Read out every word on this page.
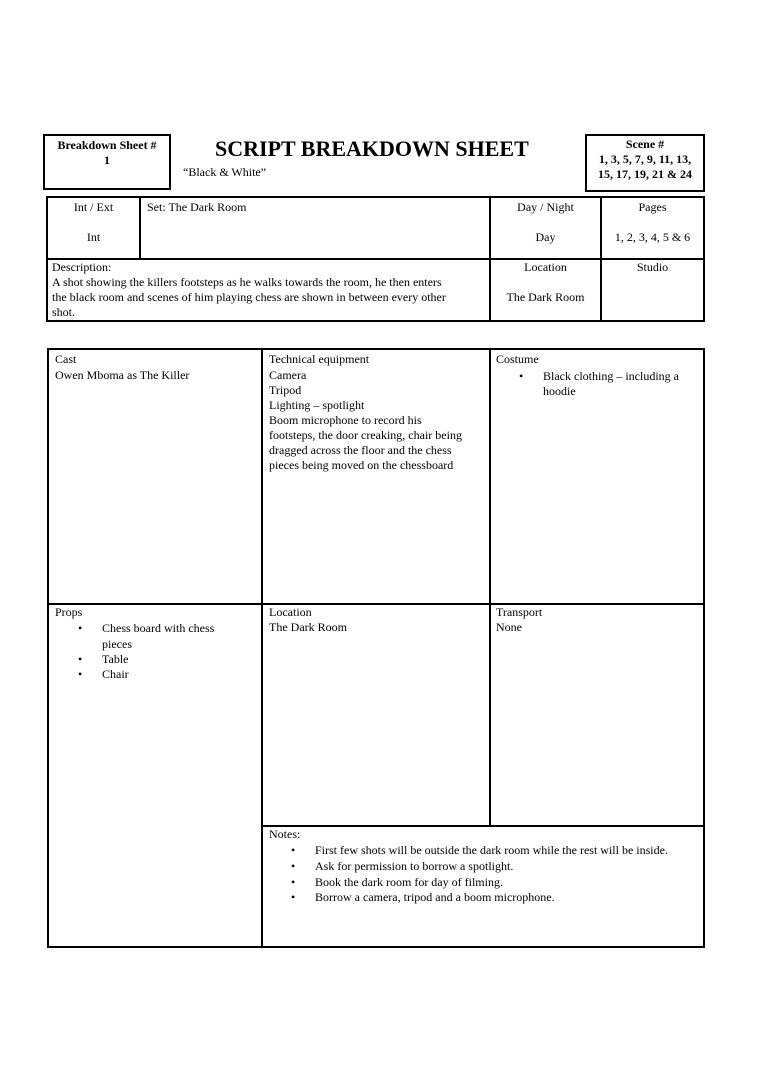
Breakdown Sheet #
1	SCRIPT BREAKDOWN SHEET
“Black & White”
Scene #
1, 3, 5, 7, 9, 11, 13,
15, 17, 19, 21 & 24
Int / Ext
Int
Set: The Dark Room	Day / Night
Day
Pages
1, 2, 3, 4, 5 & 6
Description:
A shot showing the killers footsteps as he walks towards the room, he then enters
the black room and scenes of him playing chess are shown in between every other
shot.
Location
The Dark Room
Studio
Cast
Owen Mboma as The Killer
Technical equipment
Camera
Tripod
Lighting – spotlight
Boom microphone to record his
footsteps, the door creaking, chair being
dragged across the floor and the chess
pieces being moved on the chessboard
Costume
• Black clothing – including a
hoodie
Props
• Chess board with chess
pieces
• Table
• Chair
Location
The Dark Room
Transport
None
Notes:
• First few shots will be outside the dark room while the rest will be inside.
• Ask for permission to borrow a spotlight.
• Book the dark room for day of filming.
• Borrow a camera, tripod and a boom microphone.
